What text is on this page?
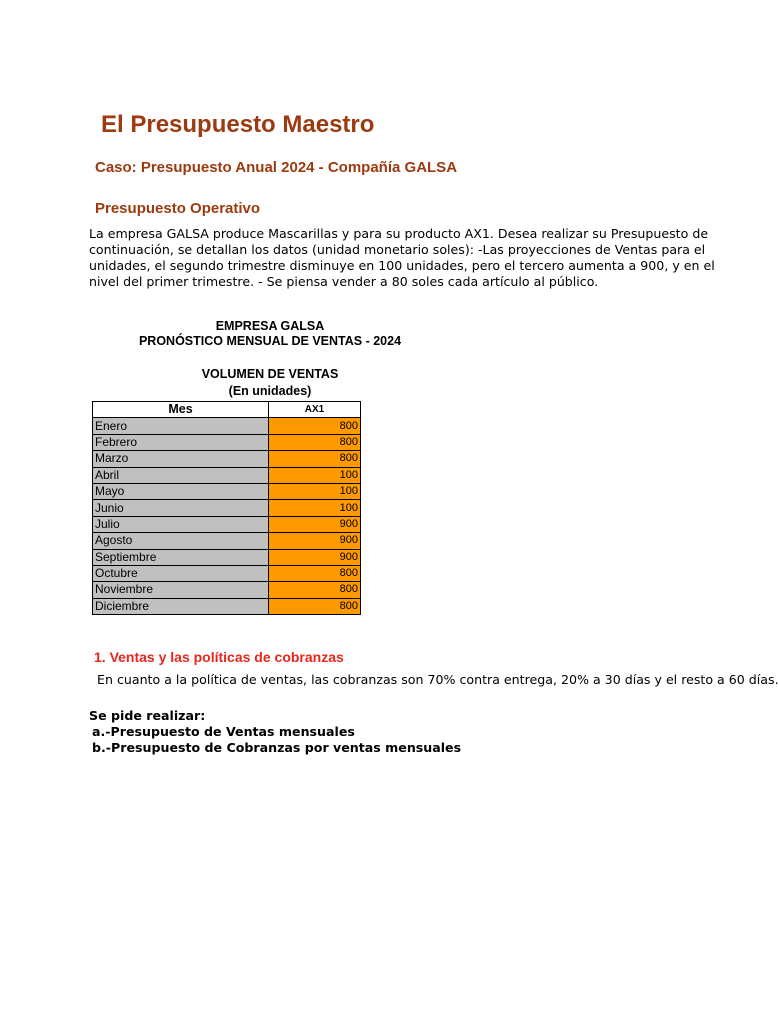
El Presupuesto Maestro
Caso: Presupuesto Anual 2024 - Compañía GALSA
Presupuesto Operativo
La empresa GALSA produce Mascarillas y para su producto AX1. Desea realizar su Presupuesto de
continuación, se detallan los datos (unidad monetario soles): -Las proyecciones de Ventas para el
unidades, el segundo trimestre disminuye en 100 unidades, pero el tercero aumenta a 900, y en el
nivel del primer trimestre. - Se piensa vender a 80 soles cada artículo al público.
EMPRESA GALSA
PRONÓSTICO MENSUAL DE VENTAS - 2024
VOLUMEN DE VENTAS
(En unidades)
Mes	AX1
Enero	800
Febrero	800
Marzo	800
Abril	100
Mayo	100
Junio	100
Julio	900
Agosto	900
Septiembre	900
Octubre	800
Noviembre	800
Diciembre	800
1. Ventas y las políticas de cobranzas
En cuanto a la política de ventas, las cobranzas son 70% contra entrega, 20% a 30 días y el resto a 60 días.
Se pide realizar:
a.-Presupuesto de Ventas mensuales
b.-Presupuesto de Cobranzas por ventas mensuales
